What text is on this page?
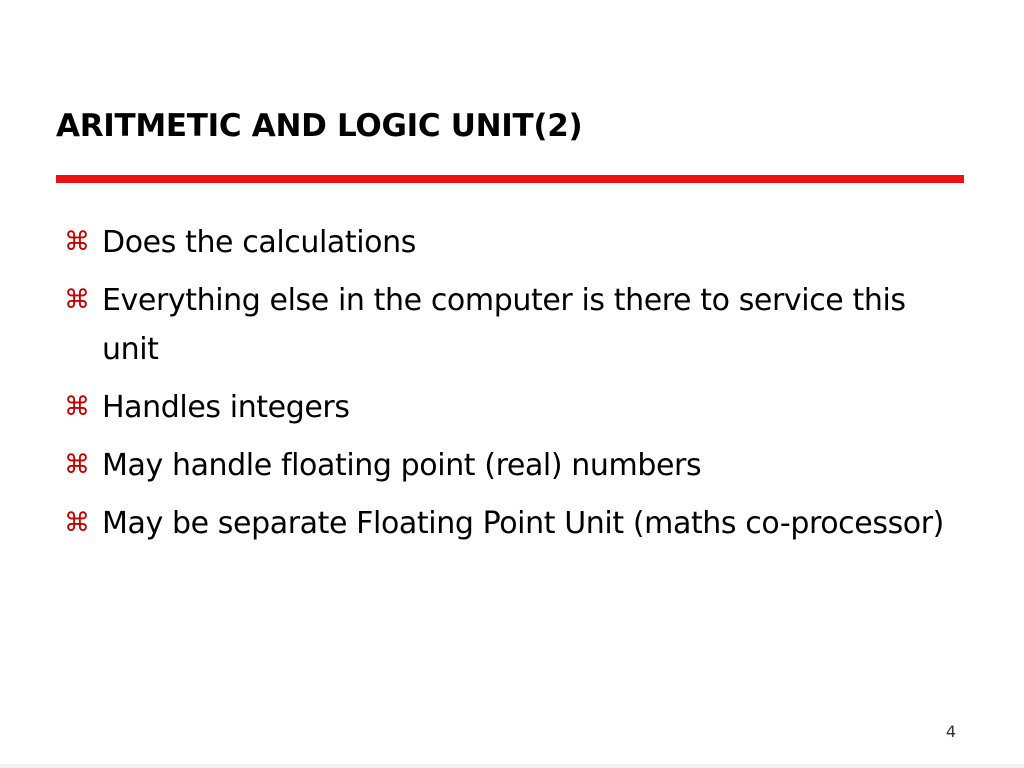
ARITMETIC AND LOGIC UNIT(2)
⌘ Does the calculations
⌘ Everything else in the computer is there to service this unit
⌘ Handles integers
⌘ May handle floating point (real) numbers
⌘ May be separate Floating Point Unit (maths co-processor)
4
